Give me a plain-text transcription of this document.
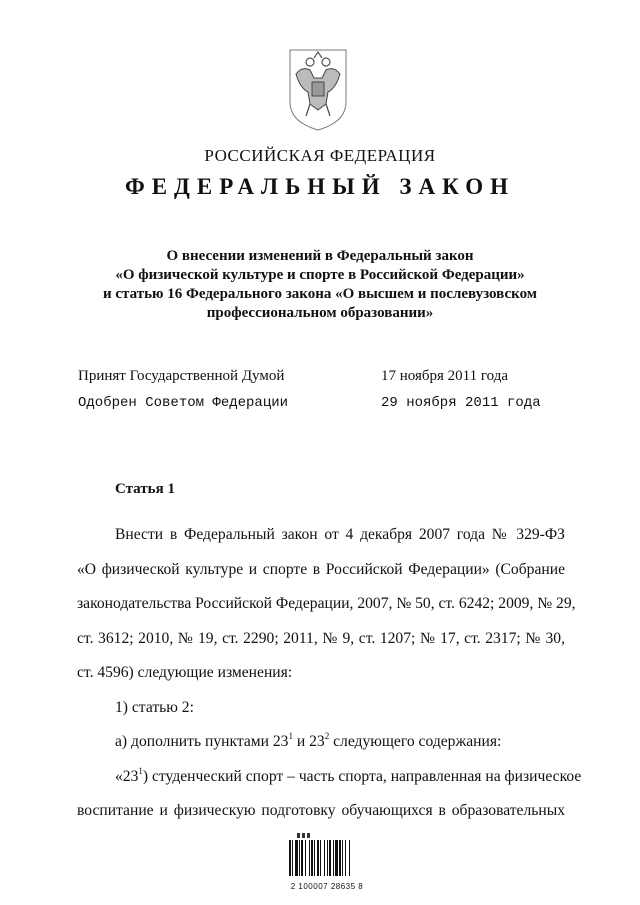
РОССИЙСКАЯ ФЕДЕРАЦИЯ
ФЕДЕРАЛЬНЫЙ ЗАКОН
О внесении изменений в Федеральный закон
«О физической культуре и спорте в Российской Федерации»
и статью 16 Федерального закона «О высшем и послевузовском
профессиональном образовании»
Принят Государственной Думой	17 ноября 2011 года
Одобрен Советом Федерации	29 ноября 2011 года
Статья 1
Внести в Федеральный закон от 4 декабря 2007 года № 329-ФЗ
«О физической культуре и спорте в Российской Федерации» (Собрание
законодательства Российской Федерации, 2007, № 50, ст. 6242; 2009, № 29,
ст. 3612; 2010, № 19, ст. 2290; 2011, № 9, ст. 1207; № 17, ст. 2317; № 30,
ст. 4596) следующие изменения:
1) статью 2:
а) дополнить пунктами $23^1$ и $23^2$ следующего содержания:
«$23^1$) студенческий спорт – часть спорта, направленная на физическое
воспитание и физическую подготовку обучающихся в образовательных
2 100007 28635 8
